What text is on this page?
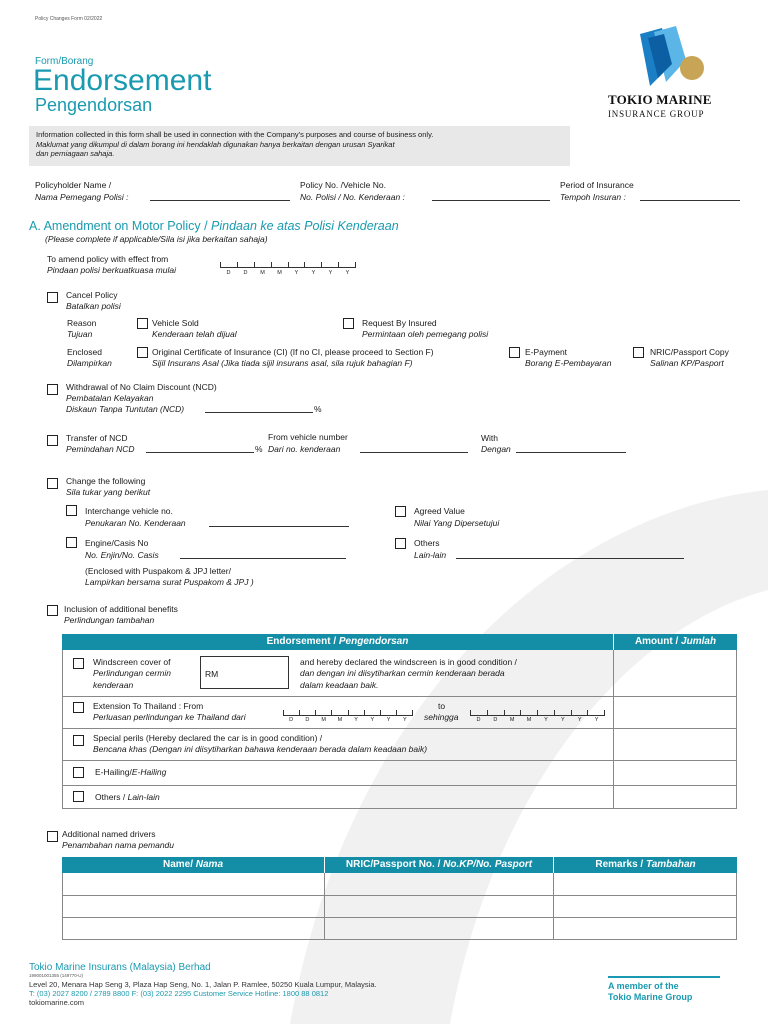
Policy Changes Form 02/2022
Form/Borang
Endorsement
Pengendorsan	TOKIO MARINE
INSURANCE GROUP
Information collected in this form shall be used in connection with the Company's purposes and course of business only.
Maklumat yang dikumpul di dalam borang ini hendaklah digunakan hanya berkaitan dengan urusan Syarikat
dan perniagaan sahaja.
Policyholder Name /
Nama Pemegang Polisi :
Policy No. /Vehicle No.
No. Polisi / No. Kenderaan :
Period of Insurance
Tempoh Insuran :
A. Amendment on Motor Policy / Pindaan ke atas Polisi Kenderaan
(Please complete if applicable/Sila isi jika berkaitan sahaja)
To amend policy with effect from
Pindaan polisi berkuatkuasa mulai	D	D	M	M	Y	Y	Y	Y
Cancel Policy
Batalkan polisi
Reason
Tujuan
Vehicle Sold
Kenderaan telah dijual
Request By Insured
Permintaan oleh pemegang polisi
Enclosed
Dilampirkan
Original Certificate of Insurance (CI) (If no CI, please proceed to Section F)
Sijil Insurans Asal (Jika tiada sijil insurans asal, sila rujuk bahagian F)
E-Payment
Borang E-Pembayaran
NRIC/Passport Copy
Salinan KP/Pasport
Withdrawal of No Claim Discount (NCD)
Pembatalan Kelayakan
Diskaun Tanpa Tuntutan (NCD)	%
Transfer of NCD
Pemindahan NCD	%
From vehicle number
Dari no. kenderaan
With
Dengan
Change the following
Sila tukar yang berikut
Interchange vehicle no.
Penukaran No. Kenderaan
Agreed Value
Nilai Yang Dipersetujui
Engine/Casis No
No. Enjin/No. Casis
Others
Lain-lain
(Enclosed with Puspakom & JPJ letter/
Lampirkan bersama surat Puspakom & JPJ )
Inclusion of additional benefits
Perlindungan tambahan
Endorsement / Pengendorsan	Amount / Jumlah
Windscreen cover of
Perlindungan cermin
kenderaan
RM
and hereby declared the windscreen is in good condition /
dan dengan ini diisytiharkan cermin kenderaan berada
dalam keadaan baik.
Extension To Thailand : From
Perluasan perlindungan ke Thailand dari	D	D	M	M	Y	Y	Y	Y
to
sehingga	D	D	M	M	Y	Y	Y	Y
Special perils (Hereby declared the car is in good condition) /
Bencana khas (Dengan ini diisytiharkan bahawa kenderaan berada dalam keadaan baik)
E-Hailing/E-Hailing
Others / Lain-lain
Additional named drivers
Penambahan nama pemandu
Name/ Nama	NRIC/Passport No. / No.KP/No. Pasport	Remarks / Tambahan
Tokio Marine Insurans (Malaysia) Berhad
199001001355 (149770-U)
Level 20, Menara Hap Seng 3, Plaza Hap Seng, No. 1, Jalan P. Ramlee, 50250 Kuala Lumpur, Malaysia.
T: (03) 2027 8200 / 2789 8800 F: (03) 2022 2295 Customer Service Hotline: 1800 88 0812
tokiomarine.com
A member of the
Tokio Marine Group
